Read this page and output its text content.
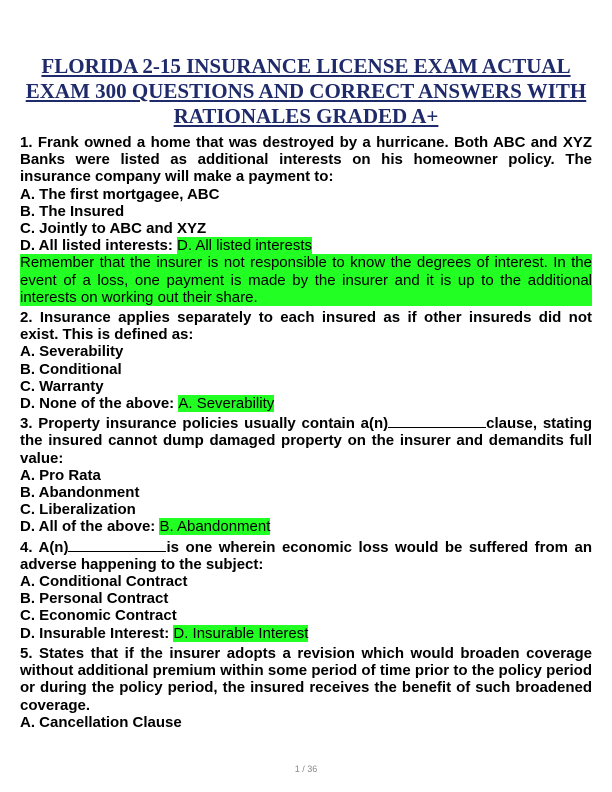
FLORIDA 2-15 INSURANCE LICENSE EXAM ACTUAL
EXAM 300 QUESTIONS AND CORRECT ANSWERS WITH
RATIONALES GRADED A+

1. Frank owned a home that was destroyed by a hurricane. Both ABC and XYZ Banks were listed as additional interests on his homeowner policy. The insurance company will make a payment to:

A. The first mortgagee, ABC

B. The Insured

C. Jointly to ABC and XYZ

D. All listed interests: D. All listed interests

Remember that the insurer is not responsible to know the degrees of interest. In the event of a loss, one payment is made by the insurer and it is up to the additional interests on working out their share.

2. Insurance applies separately to each insured as if other insureds did not exist. This is defined as:

A. Severability

B. Conditional

C. Warranty

D. None of the above: A. Severability

3. Property insurance policies usually contain a(n)	clause, stating the insured cannot dump damaged property on the insurer and demandits full value:

A. Pro Rata

B. Abandonment

C. Liberalization

D. All of the above: B. Abandonment

4. A(n)	is one wherein economic loss would be suffered from an adverse happening to the subject:

A. Conditional Contract

B. Personal Contract

C. Economic Contract

D. Insurable Interest: D. Insurable Interest

5. States that if the insurer adopts a revision which would broaden coverage without additional premium within some period of time prior to the policy period or during the policy period, the insured receives the benefit of such broadened coverage.

A. Cancellation Clause

1 / 36
